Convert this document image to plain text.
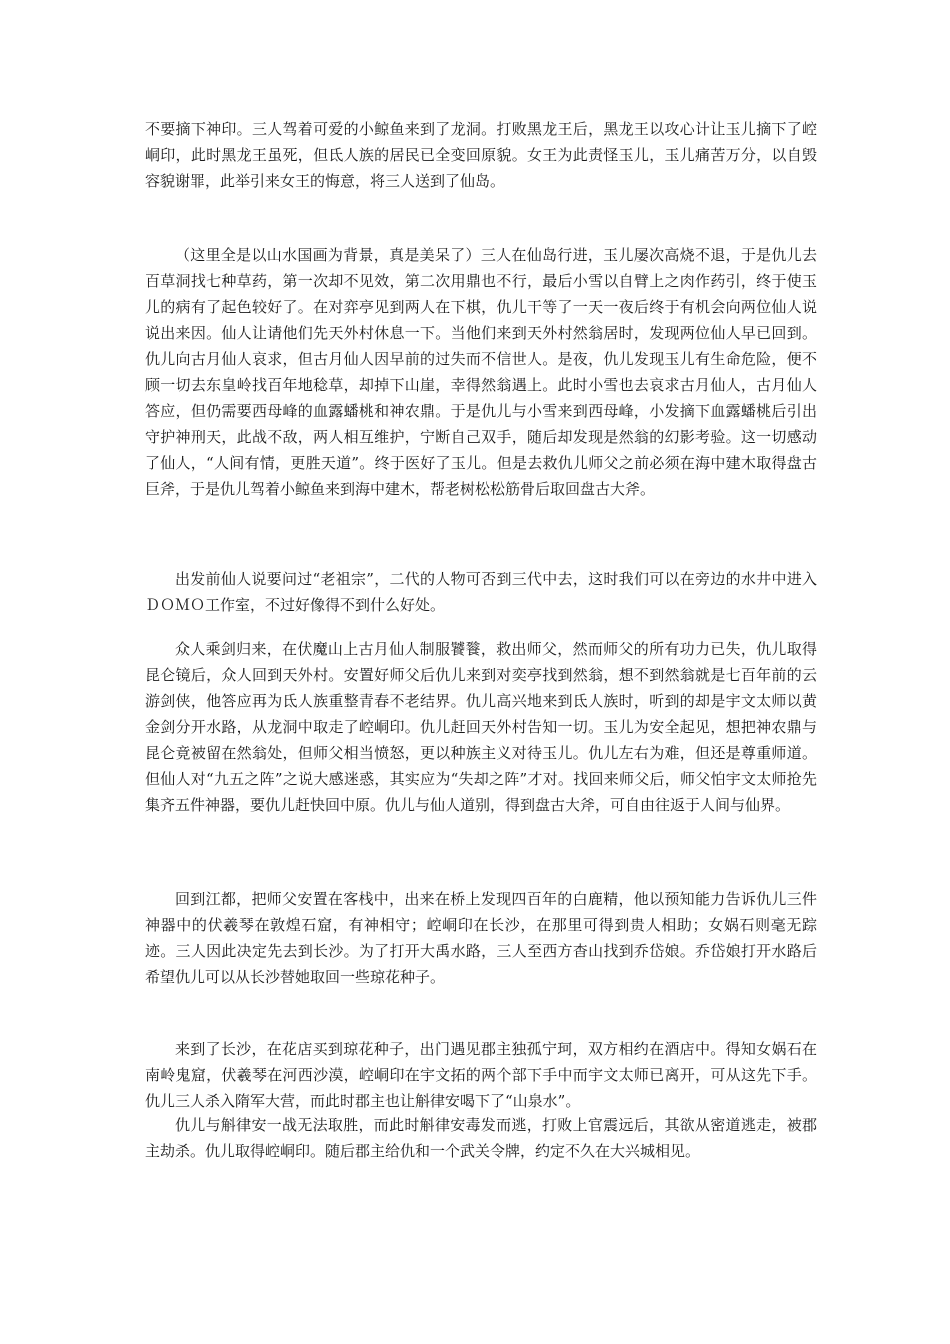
不要摘下神印。三人驾着可爱的小鲸鱼来到了龙洞。打败黑龙王后，黑龙王以攻心计让玉儿摘下了崆峒印，此时黑龙王虽死，但氐人族的居民已全变回原貌。女王为此责怪玉儿，玉儿痛苦万分，以自毁容貌谢罪，此举引来女王的悔意，将三人送到了仙岛。

（这里全是以山水国画为背景，真是美呆了）三人在仙岛行进，玉儿屡次高烧不退，于是仇儿去百草洞找七种草药，第一次却不见效，第二次用鼎也不行，最后小雪以自臂上之肉作药引，终于使玉儿的病有了起色较好了。在对弈亭见到两人在下棋，仇儿干等了一天一夜后终于有机会向两位仙人说说出来因。仙人让请他们先天外村休息一下。当他们来到天外村然翁居时，发现两位仙人早已回到。仇儿向古月仙人哀求，但古月仙人因早前的过失而不信世人。是夜，仇儿发现玉儿有生命危险，便不顾一切去东皇岭找百年地稔草，却掉下山崖，幸得然翁遇上。此时小雪也去哀求古月仙人，古月仙人答应，但仍需要西母峰的血露蟠桃和神农鼎。于是仇儿与小雪来到西母峰，小发摘下血露蟠桃后引出守护神刑天，此战不敌，两人相互维护，宁断自己双手，随后却发现是然翁的幻影考验。这一切感动了仙人，“人间有情，更胜天道”。终于医好了玉儿。但是去救仇儿师父之前必须在海中建木取得盘古巨斧，于是仇儿驾着小鲸鱼来到海中建木，帮老树松松筋骨后取回盘古大斧。

出发前仙人说要问过“老祖宗”，二代的人物可否到三代中去，这时我们可以在旁边的水井中进入ＤＯＭＯ工作室，不过好像得不到什么好处。

众人乘剑归来，在伏魔山上古月仙人制服饕餮，救出师父，然而师父的所有功力已失，仇儿取得昆仑镜后，众人回到天外村。安置好师父后仇儿来到对奕亭找到然翁，想不到然翁就是七百年前的云游剑侠，他答应再为氐人族重整青春不老结界。仇儿高兴地来到氐人族时，听到的却是宇文太师以黄金剑分开水路，从龙洞中取走了崆峒印。仇儿赶回天外村告知一切。玉儿为安全起见，想把神农鼎与昆仑竟被留在然翁处，但师父相当愤怒，更以种族主义对待玉儿。仇儿左右为难，但还是尊重师道。但仙人对“九五之阵”之说大感迷惑，其实应为“失却之阵”才对。找回来师父后，师父怕宇文太师抢先集齐五件神器，要仇儿赶快回中原。仇儿与仙人道别，得到盘古大斧，可自由往返于人间与仙界。

回到江都，把师父安置在客栈中，出来在桥上发现四百年的白鹿精，他以预知能力告诉仇儿三件神器中的伏羲琴在敦煌石窟，有神相守；崆峒印在长沙，在那里可得到贵人相助；女娲石则毫无踪迹。三人因此决定先去到长沙。为了打开大禹水路，三人至西方杳山找到乔岱娘。乔岱娘打开水路后希望仇儿可以从长沙替她取回一些琼花种子。

来到了长沙，在花店买到琼花种子，出门遇见郡主独孤宁珂，双方相约在酒店中。得知女娲石在南岭鬼窟，伏羲琴在河西沙漠，崆峒印在宇文拓的两个部下手中而宇文太师已离开，可从这先下手。仇儿三人杀入隋军大营，而此时郡主也让斛律安喝下了“山泉水”。

仇儿与斛律安一战无法取胜，而此时斛律安毒发而逃，打败上官震远后，其欲从密道逃走，被郡主劫杀。仇儿取得崆峒印。随后郡主给仇和一个武关令牌，约定不久在大兴城相见。
